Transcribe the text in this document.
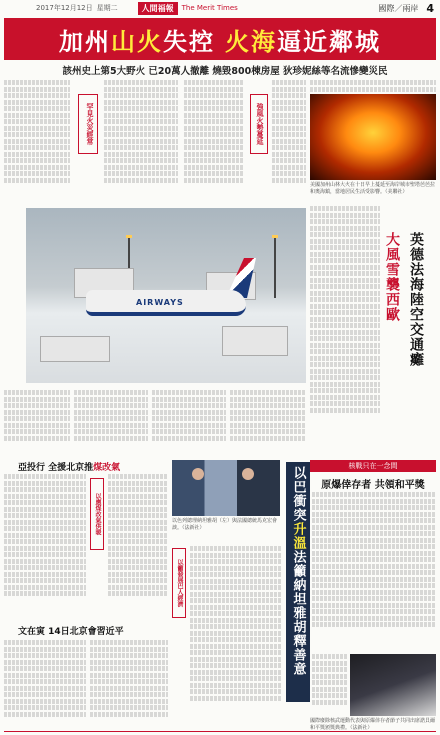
2017年12月12日 星期二	人間福報	The Merit Times	國際／兩岸 4
加州 山火 失控 火海 逼近鄰城
該州史上第5大野火 已20萬人撤離 燒毀800棟房屋 狄珍妮絲等名流慘變災民
罕見火災經常	強風火勢蔓延
美國加州山林大火在十日早上蔓延至海岸城市聖塔芭芭拉和奧海鎮，當地居民生活受影響。（美聯社）
AIRWAYS
大風雪襲西歐 英德法海陸空交通癱
亞投行 全援北京推煤改氣
以應煤改氣供暖	以色列總理納坦雅胡（左）與法國總統馬克宏會談。（法新社）
以籲發展巴人經濟
以巴衝突升溫法籲納坦雅胡釋善意
文在寅 14日北京會習近平
核戰只在一念間
原爆倖存者 共領和平獎
國際廢除核武運動代表與原爆倖存者節子共同出席諾貝爾和平獎頒獎典禮。（法新社）
